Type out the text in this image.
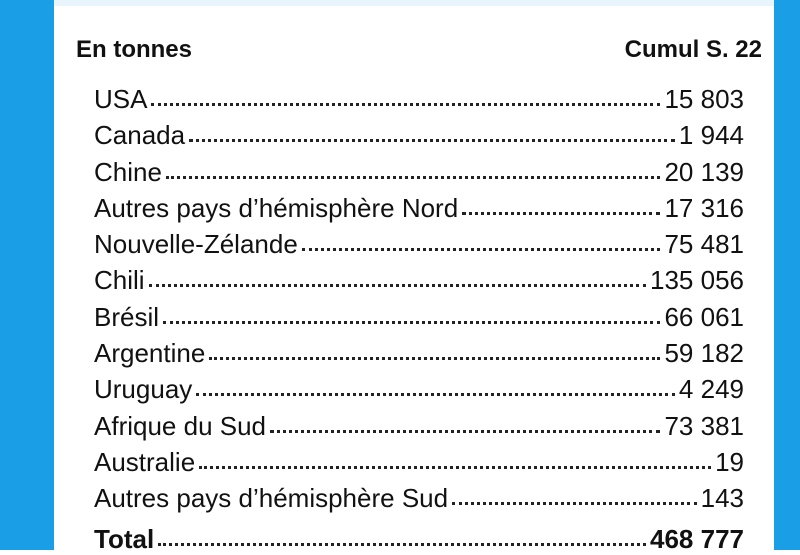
En tonnes	Cumul S. 22
USA	15 803
Canada	1 944
Chine	20 139
Autres pays d’hémisphère Nord	17 316
Nouvelle-Zélande	75 481
Chili	135 056
Brésil	66 061
Argentine	59 182
Uruguay	4 249
Afrique du Sud	73 381
Australie	19
Autres pays d’hémisphère Sud	143
Total	468 777
